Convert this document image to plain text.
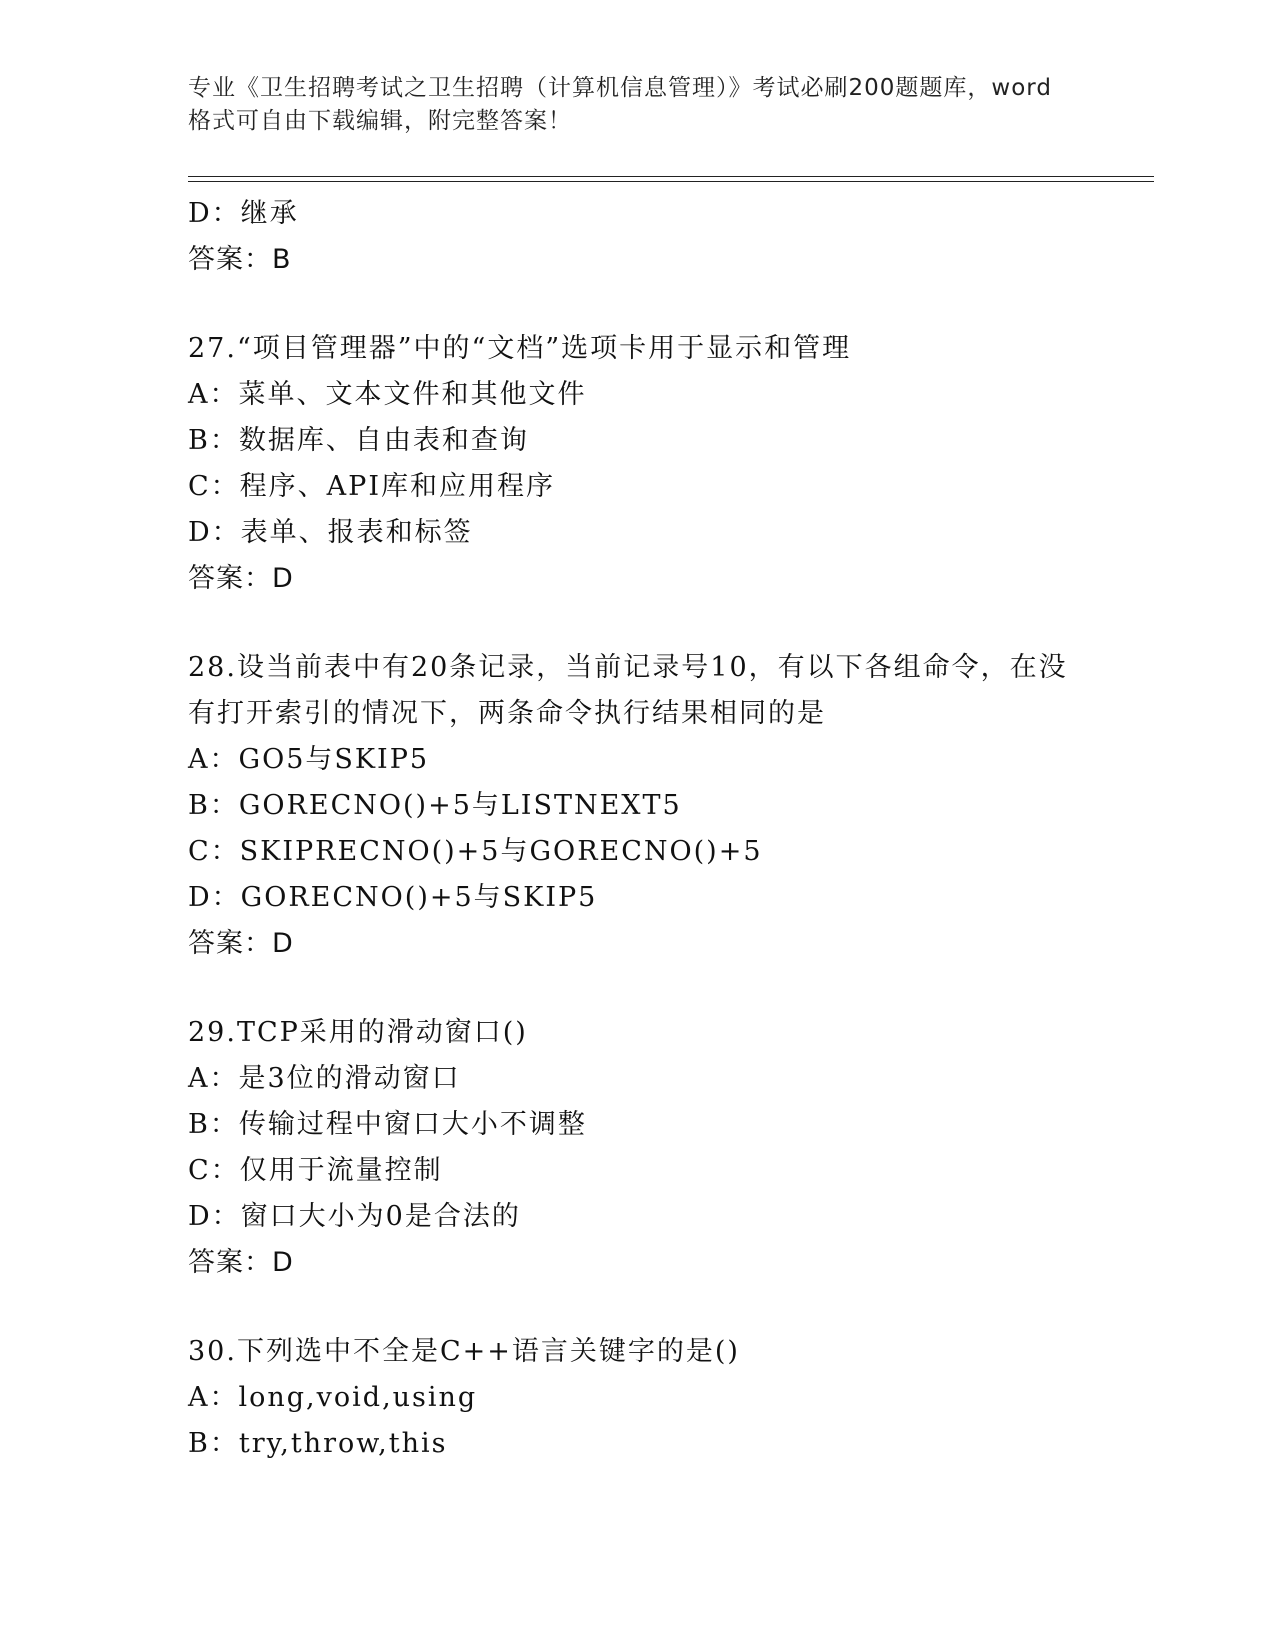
专业《卫生招聘考试之卫生招聘（计算机信息管理）》考试必刷200题题库，word
格式可自由下载编辑，附完整答案！
D：继承
答案：B
27.“项目管理器”中的“文档”选项卡用于显示和管理
A：菜单、文本文件和其他文件
B：数据库、自由表和查询
C：程序、API库和应用程序
D：表单、报表和标签
答案：D
28.设当前表中有20条记录，当前记录号10，有以下各组命令，在没
有打开索引的情况下，两条命令执行结果相同的是
A：GO5与SKIP5
B：GORECNO()+5与LISTNEXT5
C：SKIPRECNO()+5与GORECNO()+5
D：GORECNO()+5与SKIP5
答案：D
29.TCP采用的滑动窗口()
A：是3位的滑动窗口
B：传输过程中窗口大小不调整
C：仅用于流量控制
D：窗口大小为0是合法的
答案：D
30.下列选中不全是C++语言关键字的是()
A：long,void,using
B：try,throw,this
